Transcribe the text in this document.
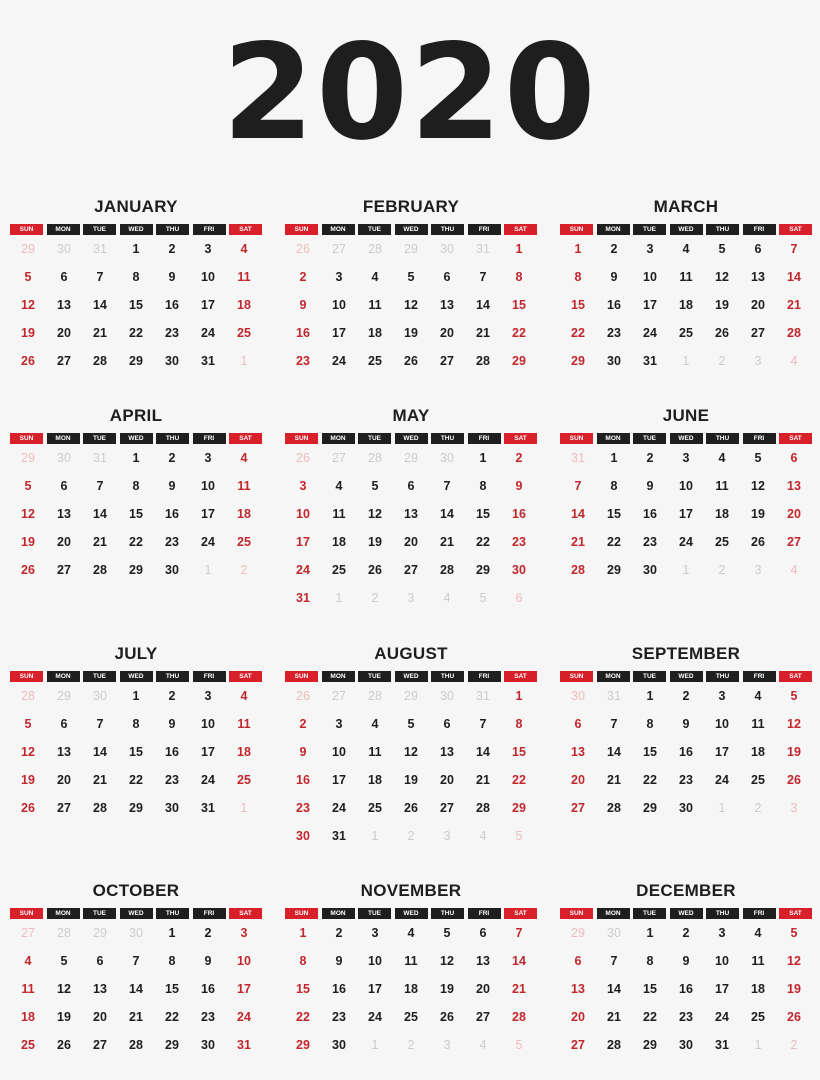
2020
JANUARY
SUN	MON	TUE	WED	THU	FRI	SAT
29	30	31	1	2	3	4
5	6	7	8	9	10	11
12	13	14	15	16	17	18
19	20	21	22	23	24	25
26	27	28	29	30	31	1
FEBRUARY
SUN	MON	TUE	WED	THU	FRI	SAT
26	27	28	29	30	31	1
2	3	4	5	6	7	8
9	10	11	12	13	14	15
16	17	18	19	20	21	22
23	24	25	26	27	28	29
MARCH
SUN	MON	TUE	WED	THU	FRI	SAT
1	2	3	4	5	6	7
8	9	10	11	12	13	14
15	16	17	18	19	20	21
22	23	24	25	26	27	28
29	30	31	1	2	3	4
APRIL
SUN	MON	TUE	WED	THU	FRI	SAT
29	30	31	1	2	3	4
5	6	7	8	9	10	11
12	13	14	15	16	17	18
19	20	21	22	23	24	25
26	27	28	29	30	1	2
MAY
SUN	MON	TUE	WED	THU	FRI	SAT
26	27	28	29	30	1	2
3	4	5	6	7	8	9
10	11	12	13	14	15	16
17	18	19	20	21	22	23
24	25	26	27	28	29	30
31	1	2	3	4	5	6
JUNE
SUN	MON	TUE	WED	THU	FRI	SAT
31	1	2	3	4	5	6
7	8	9	10	11	12	13
14	15	16	17	18	19	20
21	22	23	24	25	26	27
28	29	30	1	2	3	4
JULY
SUN	MON	TUE	WED	THU	FRI	SAT
28	29	30	1	2	3	4
5	6	7	8	9	10	11
12	13	14	15	16	17	18
19	20	21	22	23	24	25
26	27	28	29	30	31	1
AUGUST
SUN	MON	TUE	WED	THU	FRI	SAT
26	27	28	29	30	31	1
2	3	4	5	6	7	8
9	10	11	12	13	14	15
16	17	18	19	20	21	22
23	24	25	26	27	28	29
30	31	1	2	3	4	5
SEPTEMBER
SUN	MON	TUE	WED	THU	FRI	SAT
30	31	1	2	3	4	5
6	7	8	9	10	11	12
13	14	15	16	17	18	19
20	21	22	23	24	25	26
27	28	29	30	1	2	3
OCTOBER
SUN	MON	TUE	WED	THU	FRI	SAT
27	28	29	30	1	2	3
4	5	6	7	8	9	10
11	12	13	14	15	16	17
18	19	20	21	22	23	24
25	26	27	28	29	30	31
NOVEMBER
SUN	MON	TUE	WED	THU	FRI	SAT
1	2	3	4	5	6	7
8	9	10	11	12	13	14
15	16	17	18	19	20	21
22	23	24	25	26	27	28
29	30	1	2	3	4	5
DECEMBER
SUN	MON	TUE	WED	THU	FRI	SAT
29	30	1	2	3	4	5
6	7	8	9	10	11	12
13	14	15	16	17	18	19
20	21	22	23	24	25	26
27	28	29	30	31	1	2
